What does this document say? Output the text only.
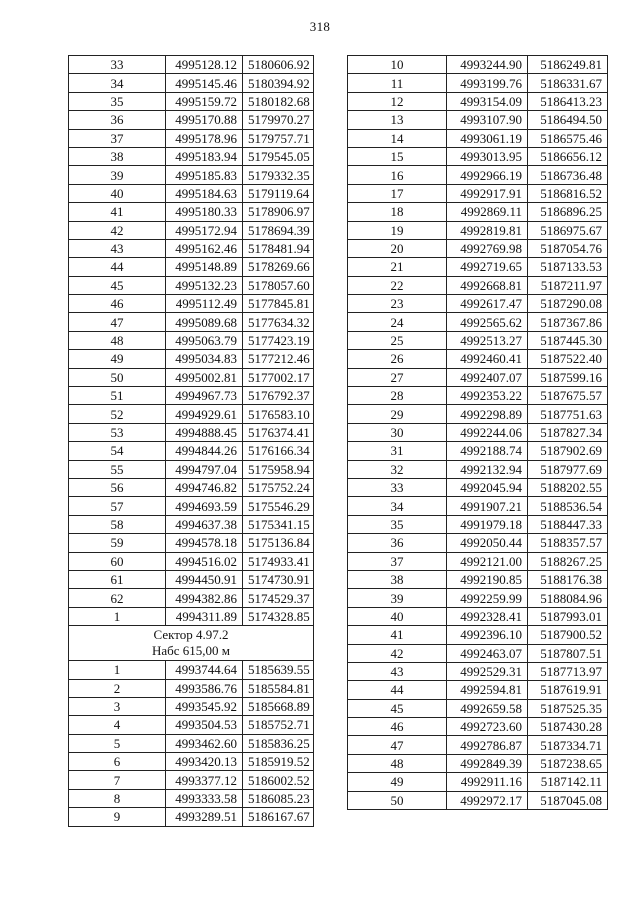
318
33	4995128.12	5180606.92
34	4995145.46	5180394.92
35	4995159.72	5180182.68
36	4995170.88	5179970.27
37	4995178.96	5179757.71
38	4995183.94	5179545.05
39	4995185.83	5179332.35
40	4995184.63	5179119.64
41	4995180.33	5178906.97
42	4995172.94	5178694.39
43	4995162.46	5178481.94
44	4995148.89	5178269.66
45	4995132.23	5178057.60
46	4995112.49	5177845.81
47	4995089.68	5177634.32
48	4995063.79	5177423.19
49	4995034.83	5177212.46
50	4995002.81	5177002.17
51	4994967.73	5176792.37
52	4994929.61	5176583.10
53	4994888.45	5176374.41
54	4994844.26	5176166.34
55	4994797.04	5175958.94
56	4994746.82	5175752.24
57	4994693.59	5175546.29
58	4994637.38	5175341.15
59	4994578.18	5175136.84
60	4994516.02	5174933.41
61	4994450.91	5174730.91
62	4994382.86	5174529.37
1	4994311.89	5174328.85

Сектор 4.97.2
Набс 615,00 м		

1	4993744.64	5185639.55
2	4993586.76	5185584.81
3	4993545.92	5185668.89
4	4993504.53	5185752.71
5	4993462.60	5185836.25
6	4993420.13	5185919.52
7	4993377.12	5186002.52
8	4993333.58	5186085.23
9	4993289.51	5186167.67
10	4993244.90	5186249.81
11	4993199.76	5186331.67
12	4993154.09	5186413.23
13	4993107.90	5186494.50
14	4993061.19	5186575.46
15	4993013.95	5186656.12
16	4992966.19	5186736.48
17	4992917.91	5186816.52
18	4992869.11	5186896.25
19	4992819.81	5186975.67
20	4992769.98	5187054.76
21	4992719.65	5187133.53
22	4992668.81	5187211.97
23	4992617.47	5187290.08
24	4992565.62	5187367.86
25	4992513.27	5187445.30
26	4992460.41	5187522.40
27	4992407.07	5187599.16
28	4992353.22	5187675.57
29	4992298.89	5187751.63
30	4992244.06	5187827.34
31	4992188.74	5187902.69
32	4992132.94	5187977.69
33	4992045.94	5188202.55
34	4991907.21	5188536.54
35	4991979.18	5188447.33
36	4992050.44	5188357.57
37	4992121.00	5188267.25
38	4992190.85	5188176.38
39	4992259.99	5188084.96
40	4992328.41	5187993.01
41	4992396.10	5187900.52
42	4992463.07	5187807.51
43	4992529.31	5187713.97
44	4992594.81	5187619.91
45	4992659.58	5187525.35
46	4992723.60	5187430.28
47	4992786.87	5187334.71
48	4992849.39	5187238.65
49	4992911.16	5187142.11
50	4992972.17	5187045.08
